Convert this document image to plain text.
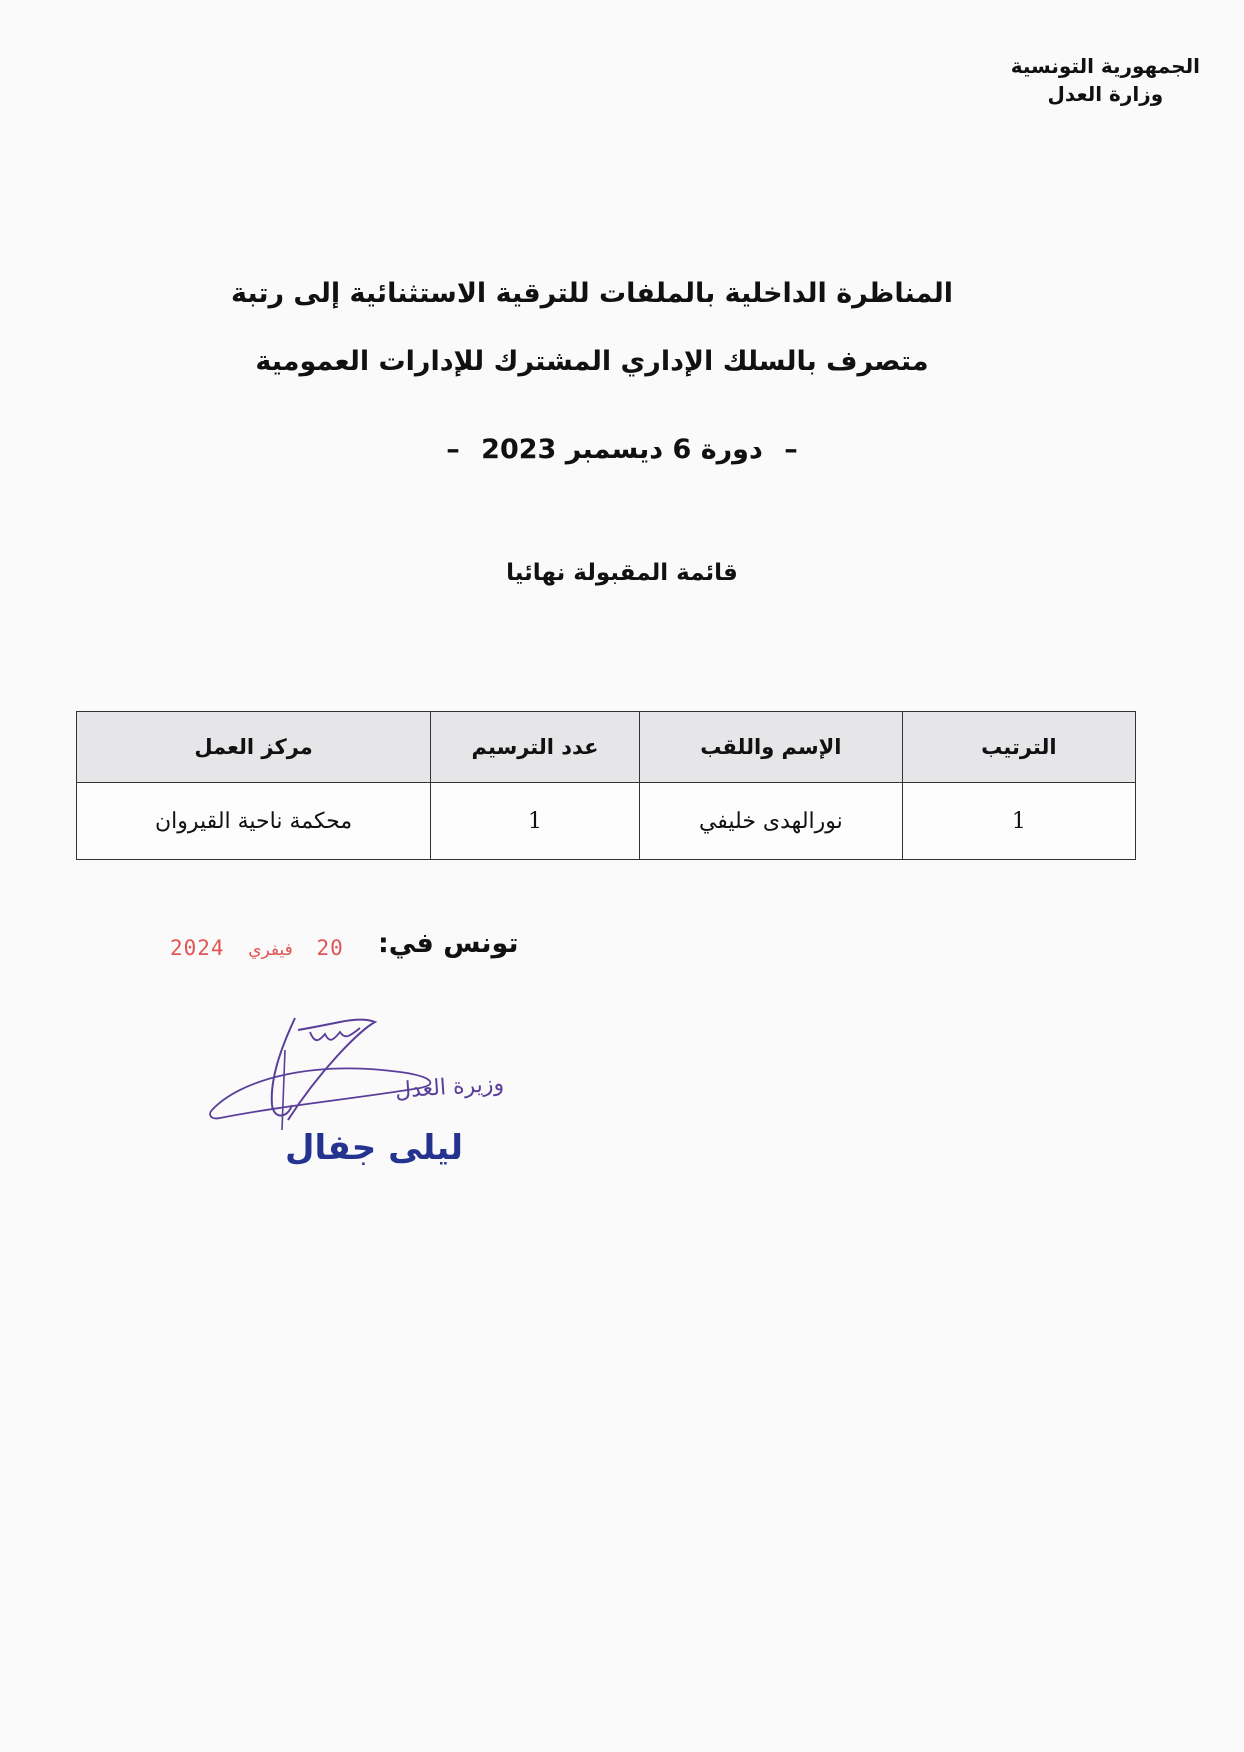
الجمهورية التونسية
وزارة العدل
المناظرة الداخلية بالملفات للترقية الاستثنائية إلى رتبة
متصرف بالسلك الإداري المشترك للإدارات العمومية
– دورة 6 ديسمبر 2023 –
قائمة المقبولة نهائيا
الترتيب	الإسم واللقب	عدد الترسيم	مركز العمل
1	نورالهدى خليفي	1	محكمة ناحية القيروان
تونس في:
20 فيفري 2024
وزيرة العدل
ليلى جفال
